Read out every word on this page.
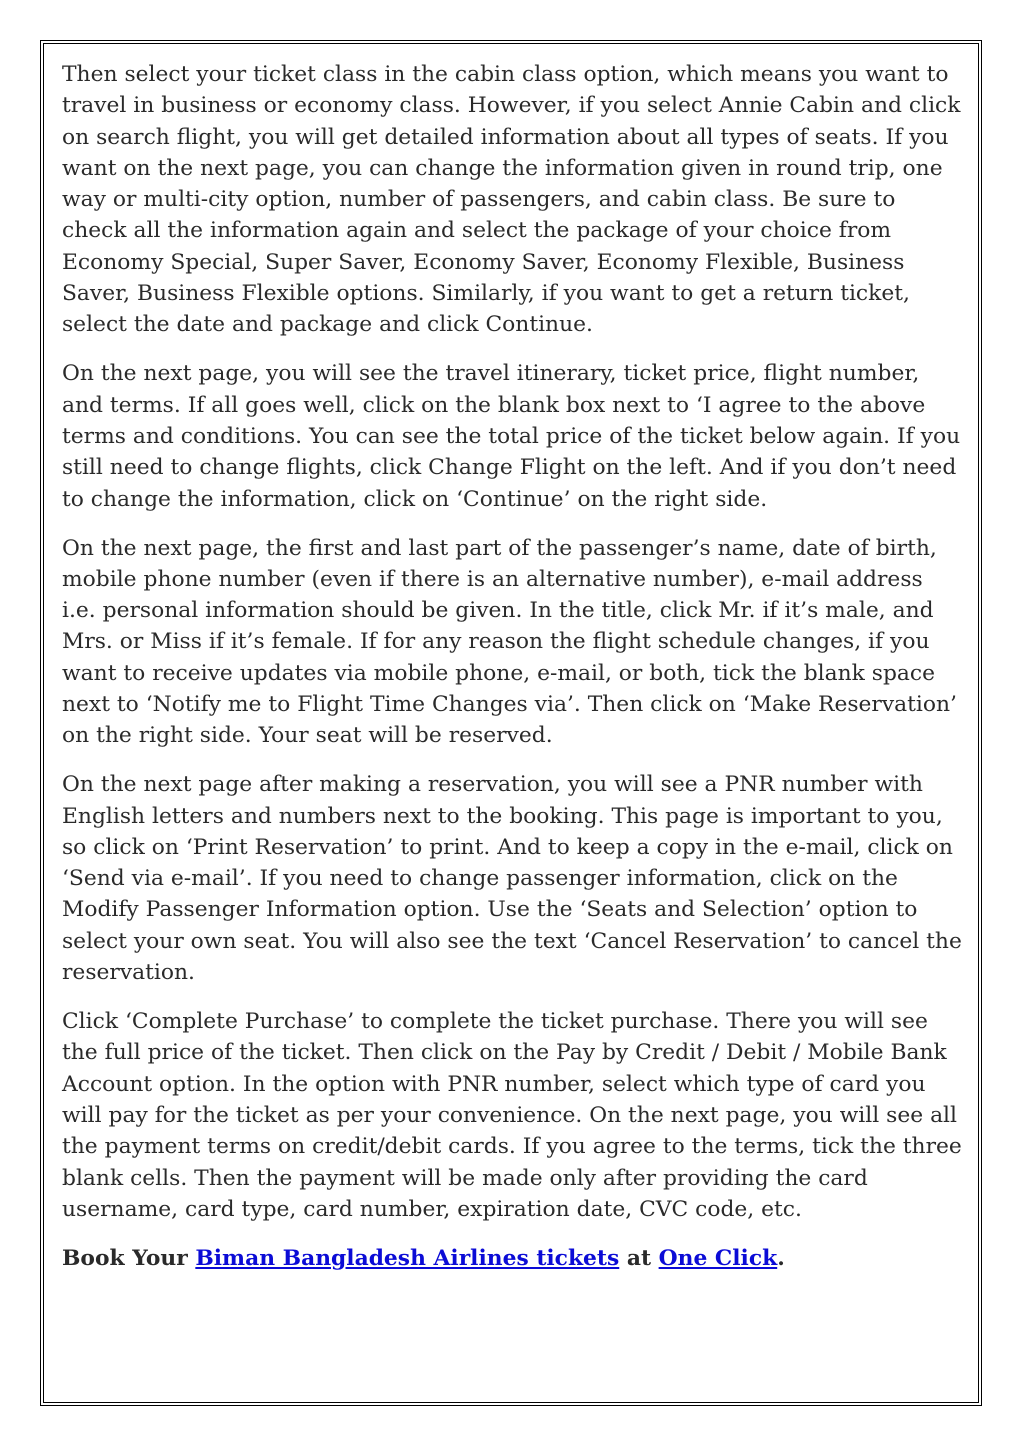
Then select your ticket class in the cabin class option, which means you want to travel in business or economy class. However, if you select Annie Cabin and click on search flight, you will get detailed information about all types of seats. If you want on the next page, you can change the information given in round trip, one way or multi-city option, number of passengers, and cabin class. Be sure to check all the information again and select the package of your choice from Economy Special, Super Saver, Economy Saver, Economy Flexible, Business Saver, Business Flexible options. Similarly, if you want to get a return ticket, select the date and package and click Continue.

On the next page, you will see the travel itinerary, ticket price, flight number, and terms. If all goes well, click on the blank box next to ‘I agree to the above terms and conditions. You can see the total price of the ticket below again. If you still need to change flights, click Change Flight on the left. And if you don’t need to change the information, click on ‘Continue’ on the right side.

On the next page, the first and last part of the passenger’s name, date of birth, mobile phone number (even if there is an alternative number), e-mail address i.e. personal information should be given. In the title, click Mr. if it’s male, and Mrs. or Miss if it’s female. If for any reason the flight schedule changes, if you want to receive updates via mobile phone, e-mail, or both, tick the blank space next to ‘Notify me to Flight Time Changes via’. Then click on ‘Make Reservation’ on the right side. Your seat will be reserved.

On the next page after making a reservation, you will see a PNR number with English letters and numbers next to the booking. This page is important to you, so click on ‘Print Reservation’ to print. And to keep a copy in the e-mail, click on ‘Send via e-mail’. If you need to change passenger information, click on the Modify Passenger Information option. Use the ‘Seats and Selection’ option to select your own seat. You will also see the text ‘Cancel Reservation’ to cancel the reservation.

Click ‘Complete Purchase’ to complete the ticket purchase. There you will see the full price of the ticket. Then click on the Pay by Credit / Debit / Mobile Bank Account option. In the option with PNR number, select which type of card you will pay for the ticket as per your convenience. On the next page, you will see all the payment terms on credit/debit cards. If you agree to the terms, tick the three blank cells. Then the payment will be made only after providing the card username, card type, card number, expiration date, CVC code, etc.

Book Your Biman Bangladesh Airlines tickets at One Click.
